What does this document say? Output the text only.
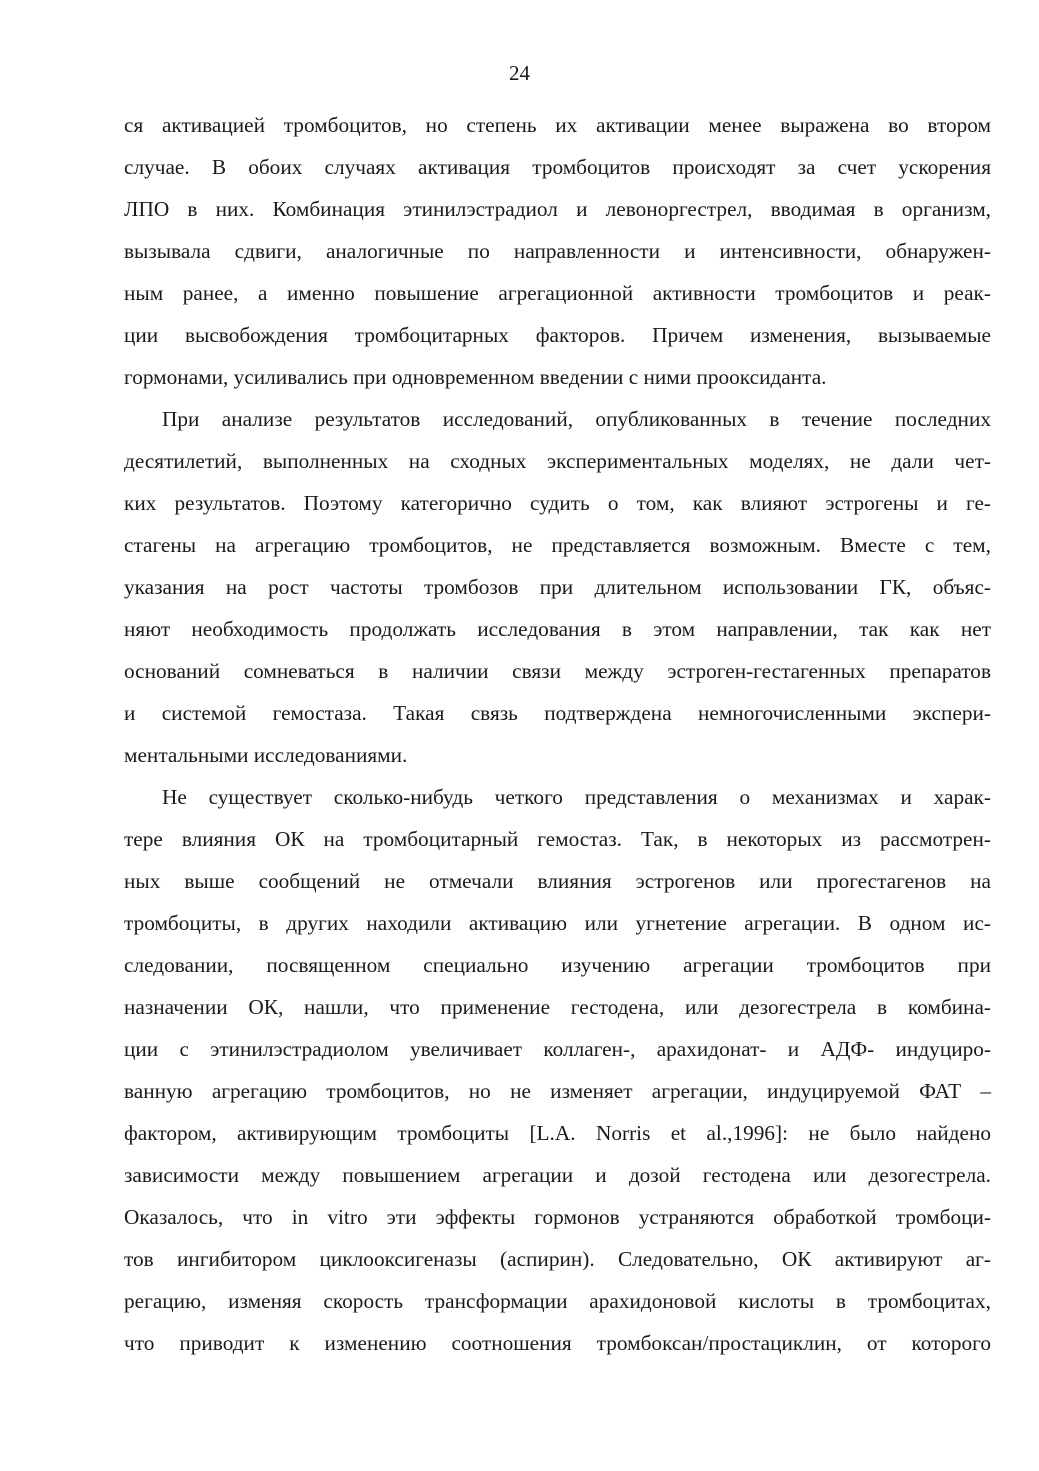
24
ся активацией тромбоцитов, но степень их активации менее выражена во втором
случае. В обоих случаях активация тромбоцитов происходят за счет ускорения
ЛПО в них. Комбинация этинилэстрадиол и левоноргестрел, вводимая в организм,
вызывала сдвиги, аналогичные по направленности и интенсивности, обнаружен-
ным ранее, а именно повышение агрегационной активности тромбоцитов и реак-
ции высвобождения тромбоцитарных факторов. Причем изменения, вызываемые
гормонами, усиливались при одновременном введении с ними прооксиданта.
При анализе результатов исследований, опубликованных в течение последних
десятилетий, выполненных на сходных экспериментальных моделях, не дали чет-
ких результатов. Поэтому категорично судить о том, как влияют эстрогены и ге-
стагены на агрегацию тромбоцитов, не представляется возможным. Вместе с тем,
указания на рост частоты тромбозов при длительном использовании ГК, объяс-
няют необходимость продолжать исследования в этом направлении, так как нет
оснований сомневаться в наличии связи между эстроген-гестагенных препаратов
и системой гемостаза. Такая связь подтверждена немногочисленными экспери-
ментальными исследованиями.
Не существует сколько-нибудь четкого представления о механизмах и харак-
тере влияния ОК на тромбоцитарный гемостаз. Так, в некоторых из рассмотрен-
ных выше сообщений не отмечали влияния эстрогенов или прогестагенов на
тромбоциты, в других находили активацию или угнетение агрегации. В одном ис-
следовании, посвященном специально изучению агрегации тромбоцитов при
назначении ОК, нашли, что применение гестодена, или дезогестрела в комбина-
ции с этинилэстрадиолом увеличивает коллаген-, арахидонат- и АДФ- индуциро-
ванную агрегацию тромбоцитов, но не изменяет агрегации, индуцируемой ФАТ –
фактором, активирующим тромбоциты [L.A. Norris et al.,1996]: не было найдено
зависимости между повышением агрегации и дозой гестодена или дезогестрела.
Оказалось, что in vitro эти эффекты гормонов устраняются обработкой тромбоци-
тов ингибитором циклооксигеназы (аспирин). Следовательно, ОК активируют аг-
регацию, изменяя скорость трансформации арахидоновой кислоты в тромбоцитах,
что приводит к изменению соотношения тромбоксан/простациклин, от которого
